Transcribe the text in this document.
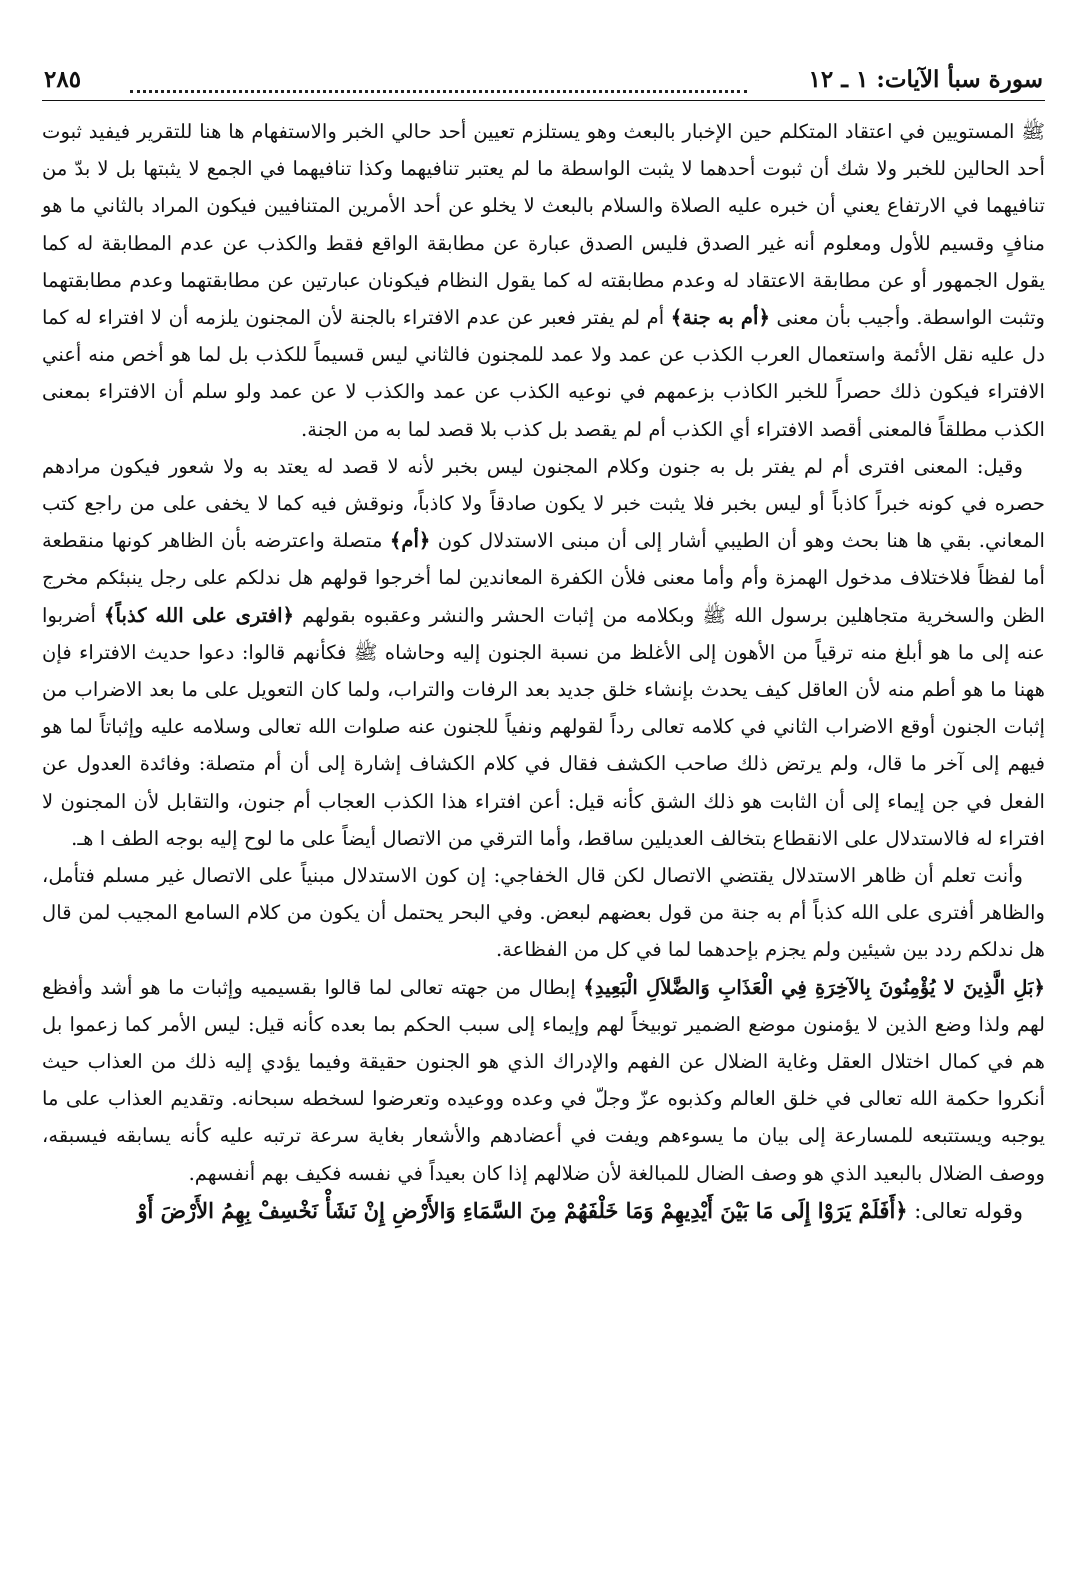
سورة سبأ الآيات: ١ ـ ١٢
٢٨٥

ﷺ المستويين في اعتقاد المتكلم حين الإخبار بالبعث وهو يستلزم تعيين أحد حالي الخبر والاستفهام ها هنا للتقرير فيفيد ثبوت أحد الحالين للخبر ولا شك أن ثبوت أحدهما لا يثبت الواسطة ما لم يعتبر تنافيهما وكذا تنافيهما في الجمع لا يثبتها بل لا بدّ من تنافيهما في الارتفاع يعني أن خبره عليه الصلاة والسلام بالبعث لا يخلو عن أحد الأمرين المتنافيين فيكون المراد بالثاني ما هو منافٍ وقسيم للأول ومعلوم أنه غير الصدق فليس الصدق عبارة عن مطابقة الواقع فقط والكذب عن عدم المطابقة له كما يقول الجمهور أو عن مطابقة الاعتقاد له وعدم مطابقته له كما يقول النظام فيكونان عبارتين عن مطابقتهما وعدم مطابقتهما وتثبت الواسطة. وأجيب بأن معنى ﴿أم به جنة﴾ أم لم يفتر فعبر عن عدم الافتراء بالجنة لأن المجنون يلزمه أن لا افتراء له كما دل عليه نقل الأئمة واستعمال العرب الكذب عن عمد ولا عمد للمجنون فالثاني ليس قسيماً للكذب بل لما هو أخص منه أعني الافتراء فيكون ذلك حصراً للخبر الكاذب بزعمهم في نوعيه الكذب عن عمد والكذب لا عن عمد ولو سلم أن الافتراء بمعنى الكذب مطلقاً فالمعنى أقصد الافتراء أي الكذب أم لم يقصد بل كذب بلا قصد لما به من الجنة.

وقيل: المعنى افترى أم لم يفتر بل به جنون وكلام المجنون ليس بخبر لأنه لا قصد له يعتد به ولا شعور فيكون مرادهم حصره في كونه خبراً كاذباً أو ليس بخبر فلا يثبت خبر لا يكون صادقاً ولا كاذباً، ونوقش فيه كما لا يخفى على من راجع كتب المعاني. بقي ها هنا بحث وهو أن الطيبي أشار إلى أن مبنى الاستدلال كون ﴿أم﴾ متصلة واعترضه بأن الظاهر كونها منقطعة أما لفظاً فلاختلاف مدخول الهمزة وأم وأما معنى فلأن الكفرة المعاندين لما أخرجوا قولهم هل ندلكم على رجل ينبئكم مخرج الظن والسخرية متجاهلين برسول الله ﷺ وبكلامه من إثبات الحشر والنشر وعقبوه بقولهم ﴿افترى على الله كذباً﴾ أضربوا عنه إلى ما هو أبلغ منه ترقياً من الأهون إلى الأغلظ من نسبة الجنون إليه وحاشاه ﷺ فكأنهم قالوا: دعوا حديث الافتراء فإن ههنا ما هو أطم منه لأن العاقل كيف يحدث بإنشاء خلق جديد بعد الرفات والتراب، ولما كان التعويل على ما بعد الاضراب من إثبات الجنون أوقع الاضراب الثاني في كلامه تعالى رداً لقولهم ونفياً للجنون عنه صلوات الله تعالى وسلامه عليه وإثباتاً لما هو فيهم إلى آخر ما قال، ولم يرتض ذلك صاحب الكشف فقال في كلام الكشاف إشارة إلى أن أم متصلة: وفائدة العدول عن الفعل في جن إيماء إلى أن الثابت هو ذلك الشق كأنه قيل: أعن افتراء هذا الكذب العجاب أم جنون، والتقابل لأن المجنون لا افتراء له فالاستدلال على الانقطاع بتخالف العديلين ساقط، وأما الترقي من الاتصال أيضاً على ما لوح إليه بوجه الطف ا هـ.

وأنت تعلم أن ظاهر الاستدلال يقتضي الاتصال لكن قال الخفاجي: إن كون الاستدلال مبنياً على الاتصال غير مسلم فتأمل، والظاهر أفترى على الله كذباً أم به جنة من قول بعضهم لبعض. وفي البحر يحتمل أن يكون من كلام السامع المجيب لمن قال هل ندلكم ردد بين شيئين ولم يجزم بإحدهما لما في كل من الفظاعة.

﴿بَلِ الَّذِينَ لا يُؤْمِنُونَ بِالآخِرَةِ فِي الْعَذَابِ وَالضَّلاَلِ الْبَعِيدِ﴾ إبطال من جهته تعالى لما قالوا بقسيميه وإثبات ما هو أشد وأفظع لهم ولذا وضع الذين لا يؤمنون موضع الضمير توبيخاً لهم وإيماء إلى سبب الحكم بما بعده كأنه قيل: ليس الأمر كما زعموا بل هم في كمال اختلال العقل وغاية الضلال عن الفهم والإدراك الذي هو الجنون حقيقة وفيما يؤدي إليه ذلك من العذاب حيث أنكروا حكمة الله تعالى في خلق العالم وكذبوه عزّ وجلّ في وعده ووعيده وتعرضوا لسخطه سبحانه. وتقديم العذاب على ما يوجبه ويستتبعه للمسارعة إلى بيان ما يسوءهم ويفت في أعضادهم والأشعار بغاية سرعة ترتبه عليه كأنه يسابقه فيسبقه، ووصف الضلال بالبعيد الذي هو وصف الضال للمبالغة لأن ضلالهم إذا كان بعيداً في نفسه فكيف بهم أنفسهم.

وقوله تعالى: ﴿أَفَلَمْ يَرَوْا إِلَى مَا بَيْنَ أَيْدِيهِمْ وَمَا خَلْفَهُمْ مِنَ السَّمَاءِ وَالأَرْضِ إِنْ نَشَأْ نَخْسِفْ بِهِمُ الأَرْضَ أَوْ
